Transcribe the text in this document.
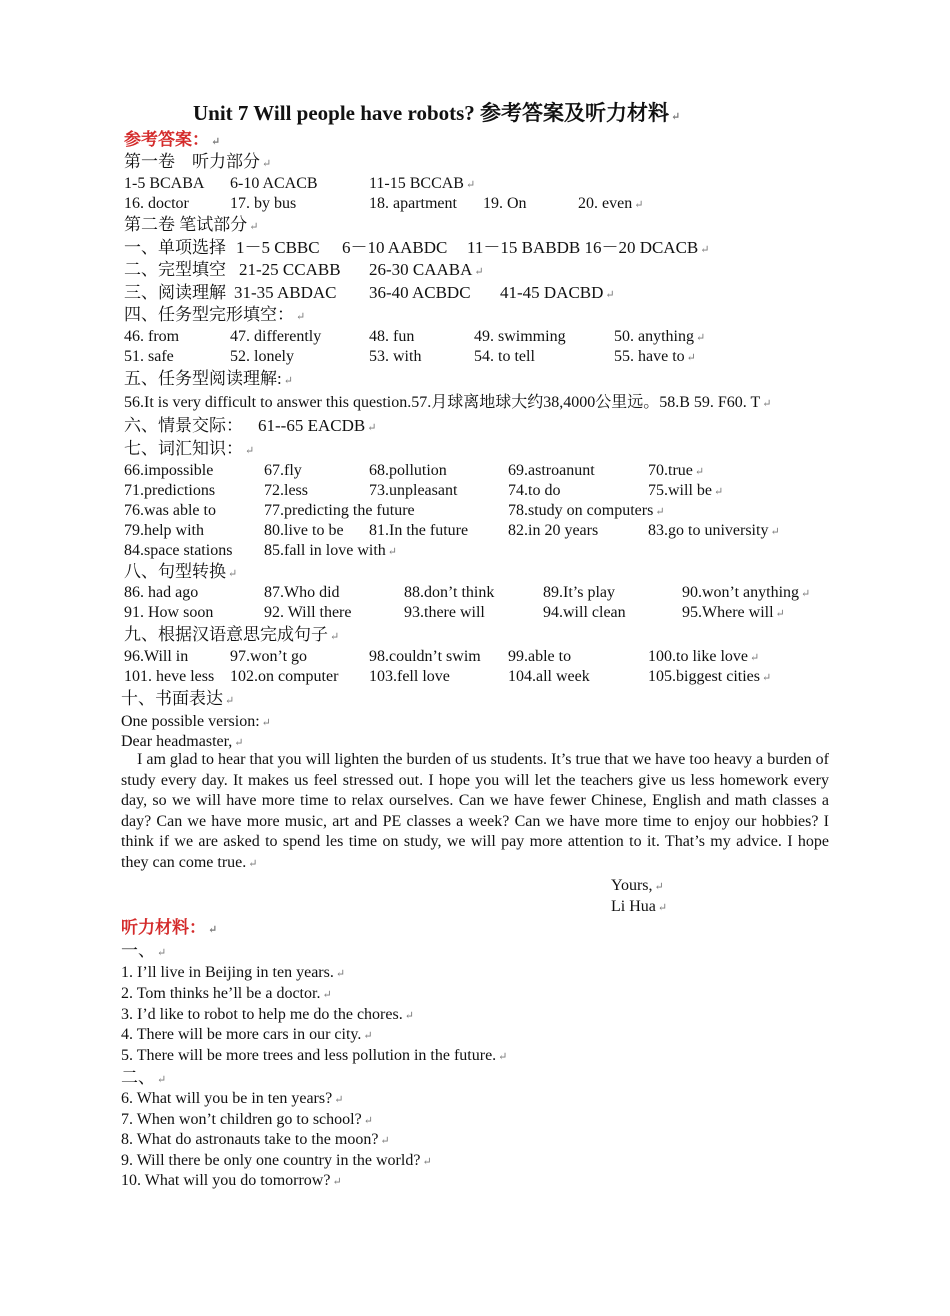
Unit 7 Will people have robots? 参考答案及听力材料 ↵
参考答案： ↵
第一卷　听力部分 ↵
1-5 BCABA 6-10 ACACB	11-15 BCCAB ↵
16. doctor	17. by bus	18. apartment 19. On	20. even ↵
第二卷 笔试部分 ↵
一、单项选择 1－5 CBBC 6－10 AABDC 11－15 BABDB 16－20 DCACB ↵
二、完型填空 21-25 CCABB 26-30 CAABA ↵
三、阅读理解 31-35 ABDAC 36-40 ACBDC 41-45 DACBD ↵
四、任务型完形填空： ↵
46. from	47. differently	48. fun	49. swimming	50. anything ↵
51. safe	52. lonely	53. with	54. to tell	55. have to ↵
五、任务型阅读理解: ↵
56.It is very difficult to answer this question.57.月球离地球大约38,4000公里远。58.B 59. F60. T ↵
六、情景交际： 61--65 EACDB ↵
七、词汇知识： ↵
66.impossible	67.fly	68.pollution	69.astroanunt	70.true ↵
71.predictions	72.less	73.unpleasant	74.to do	75.will be ↵
76.was able to	77.predicting the future	78.study on computers ↵
79.help with	80.live to be 81.In the future 82.in 20 years	83.go to university ↵
84.space stations 85.fall in love with ↵
八、句型转换 ↵
86. had ago	87.Who did	88.don’t think	89.It’s play	90.won’t anything ↵
91. How soon	92. Will there	93.there will	94.will clean	95.Where will ↵
九、根据汉语意思完成句子 ↵
96.Will in	97.won’t go	98.couldn’t swim 99.able to	100.to like love ↵
101. heve less 102.on computer 103.fell love	104.all week	105.biggest cities ↵
十、书面表达 ↵
One possible version: ↵
Dear headmaster, ↵
I am glad to hear that you will lighten the burden of us students. It’s true that we have too heavy a burden of study every day. It makes us feel stressed out. I hope you will let the teachers give us less homework every day, so we will have more time to relax ourselves. Can we have fewer Chinese, English and math classes a day? Can we have more music, art and PE classes a week? Can we have more time to enjoy our hobbies? I think if we are asked to spend les time on study, we will pay more attention to it. That’s my advice. I hope they can come true. ↵
Yours, ↵
Li Hua ↵
听力材料： ↵
一、 ↵
1. I’ll live in Beijing in ten years. ↵
2. Tom thinks he’ll be a doctor. ↵
3. I’d like to robot to help me do the chores. ↵
4. There will be more cars in our city. ↵
5. There will be more trees and less pollution in the future. ↵
二、 ↵
6. What will you be in ten years? ↵
7. When won’t children go to school? ↵
8. What do astronauts take to the moon? ↵
9. Will there be only one country in the world? ↵
10. What will you do tomorrow? ↵
